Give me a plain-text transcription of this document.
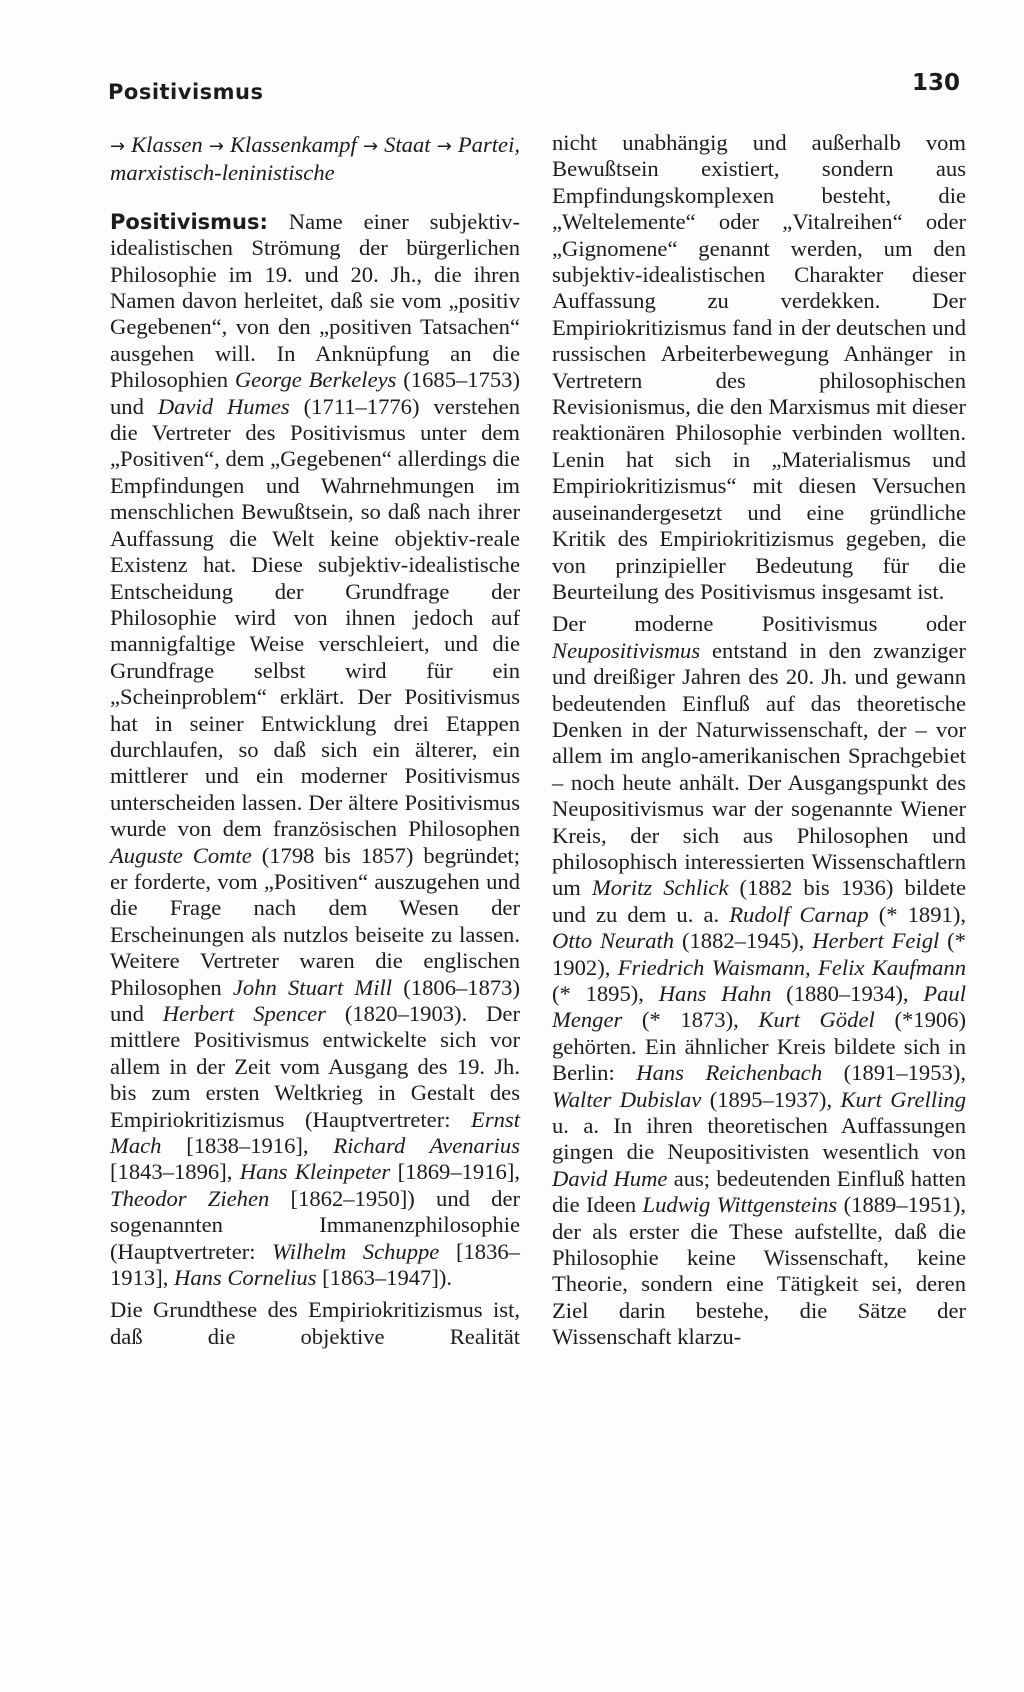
Positivismus	130

→ Klassen → Klassenkampf → Staat → Partei, marxistisch-leninistische

Positivismus: Name einer subjektiv-idealistischen Strömung der bürgerlichen Philosophie im 19. und 20. Jh., die ihren Namen davon herleitet, daß sie vom „positiv Gegebenen“, von den „positiven Tatsachen“ ausgehen will. In Anknüpfung an die Philosophien George Berkeleys (1685–1753) und David Humes (1711–1776) verstehen die Vertreter des Positivismus unter dem „Positiven“, dem „Gegebenen“ allerdings die Empfindungen und Wahrnehmungen im menschlichen Bewußtsein, so daß nach ihrer Auffassung die Welt keine objektiv-reale Existenz hat. Diese subjektiv-idealistische Entscheidung der Grundfrage der Philosophie wird von ihnen jedoch auf mannigfaltige Weise verschleiert, und die Grundfrage selbst wird für ein „Scheinproblem“ erklärt. Der Positivismus hat in seiner Entwicklung drei Etappen durchlaufen, so daß sich ein älterer, ein mittlerer und ein moderner Positivismus unterscheiden lassen. Der ältere Positivismus wurde von dem französischen Philosophen Auguste Comte (1798 bis 1857) begründet; er forderte, vom „Positiven“ auszugehen und die Frage nach dem Wesen der Erscheinungen als nutzlos beiseite zu lassen. Weitere Vertreter waren die englischen Philosophen John Stuart Mill (1806–1873) und Herbert Spencer (1820–1903). Der mittlere Positivismus entwickelte sich vor allem in der Zeit vom Ausgang des 19. Jh. bis zum ersten Weltkrieg in Gestalt des Empiriokritizismus (Hauptvertreter: Ernst Mach [1838–1916], Richard Avenarius [1843–1896], Hans Kleinpeter [1869–1916], Theodor Ziehen [1862–1950]) und der sogenannten Immanenzphilosophie (Hauptvertreter: Wilhelm Schuppe [1836–1913], Hans Cornelius [1863–1947]).

Die Grundthese des Empiriokritizismus ist, daß die objektive Realität

nicht unabhängig und außerhalb vom Bewußtsein existiert, sondern aus Empfindungskomplexen besteht, die „Weltelemente“ oder „Vitalreihen“ oder „Gignomene“ genannt werden, um den subjektiv-idealistischen Charakter dieser Auffassung zu verdekken. Der Empiriokritizismus fand in der deutschen und russischen Arbeiterbewegung Anhänger in Vertretern des philosophischen Revisionismus, die den Marxismus mit dieser reaktionären Philosophie verbinden wollten. Lenin hat sich in „Materialismus und Empiriokritizismus“ mit diesen Versuchen auseinandergesetzt und eine gründliche Kritik des Empiriokritizismus gegeben, die von prinzipieller Bedeutung für die Beurteilung des Positivismus insgesamt ist.

Der moderne Positivismus oder Neupositivismus entstand in den zwanziger und dreißiger Jahren des 20. Jh. und gewann bedeutenden Einfluß auf das theoretische Denken in der Naturwissenschaft, der – vor allem im anglo-amerikanischen Sprachgebiet – noch heute anhält. Der Ausgangspunkt des Neupositivismus war der sogenannte Wiener Kreis, der sich aus Philosophen und philosophisch interessierten Wissenschaftlern um Moritz Schlick (1882 bis 1936) bildete und zu dem u. a. Rudolf Carnap (* 1891), Otto Neurath (1882–1945), Herbert Feigl (* 1902), Friedrich Waismann, Felix Kaufmann (* 1895), Hans Hahn (1880–1934), Paul Menger (* 1873), Kurt Gödel (*1906) gehörten. Ein ähnlicher Kreis bildete sich in Berlin: Hans Reichenbach (1891–1953), Walter Dubislav (1895–1937), Kurt Grelling u. a. In ihren theoretischen Auffassungen gingen die Neupositivisten wesentlich von David Hume aus; bedeutenden Einfluß hatten die Ideen Ludwig Wittgensteins (1889–1951), der als erster die These aufstellte, daß die Philosophie keine Wissenschaft, keine Theorie, sondern eine Tätigkeit sei, deren Ziel darin bestehe, die Sätze der Wissenschaft klarzu-
